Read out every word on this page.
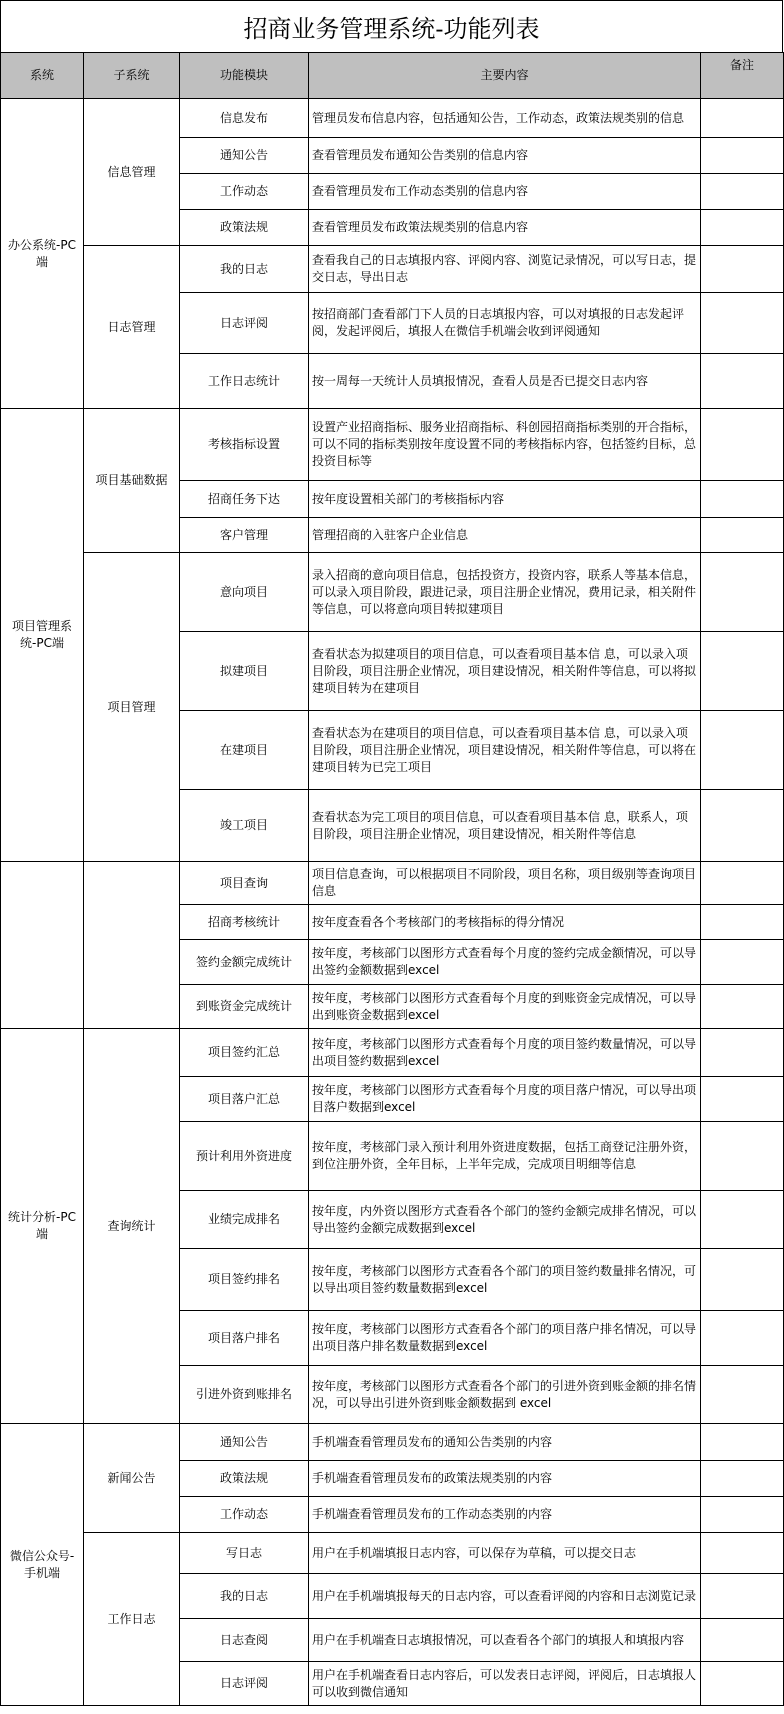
招商业务管理系统-功能列表
系统	子系统	功能模块	主要内容	备注
办公系统-PC端	信息管理	信息发布	管理员发布信息内容，包括通知公告，工作动态，政策法规类别的信息	
		通知公告	查看管理员发布通知公告类别的信息内容	
		工作动态	查看管理员发布工作动态类别的信息内容	
		政策法规	查看管理员发布政策法规类别的信息内容	
	日志管理	我的日志	查看我自己的日志填报内容、评阅内容、浏览记录情况，可以写日志，提交日志，导出日志	
		日志评阅	按招商部门查看部门下人员的日志填报内容，可以对填报的日志发起评阅，发起评阅后，填报人在微信手机端会收到评阅通知	
		工作日志统计	按一周每一天统计人员填报情况，查看人员是否已提交日志内容	
项目管理系统-PC端	项目基础数据	考核指标设置	设置产业招商指标、服务业招商指标、科创园招商指标类别的开合指标，可以不同的指标类别按年度设置不同的考核指标内容，包括签约目标，总投资目标等	
		招商任务下达	按年度设置相关部门的考核指标内容	
		客户管理	管理招商的入驻客户企业信息	
	项目管理	意向项目	录入招商的意向项目信息，包括投资方，投资内容，联系人等基本信息，可以录入项目阶段，跟进记录，项目注册企业情况，费用记录，相关附件等信息，可以将意向项目转拟建项目	
		拟建项目	查看状态为拟建项目的项目信息，可以查看项目基本信 息，可以录入项目阶段，项目注册企业情况，项目建设情况，相关附件等信息，可以将拟建项目转为在建项目	
		在建项目	查看状态为在建项目的项目信息，可以查看项目基本信 息，可以录入项目阶段，项目注册企业情况，项目建设情况，相关附件等信息，可以将在建项目转为已完工项目	
		竣工项目	查看状态为完工项目的项目信息，可以查看项目基本信 息，联系人，项目阶段，项目注册企业情况，项目建设情况，相关附件等信息	
		项目查询	项目信息查询，可以根据项目不同阶段，项目名称，项目级别等查询项目信息	
		招商考核统计	按年度查看各个考核部门的考核指标的得分情况	
		签约金额完成统计	按年度，考核部门以图形方式查看每个月度的签约完成金额情况，可以导出签约金额数据到excel	
		到账资金完成统计	按年度，考核部门以图形方式查看每个月度的到账资金完成情况，可以导出到账资金数据到excel	
统计分析-PC端	查询统计	项目签约汇总	按年度，考核部门以图形方式查看每个月度的项目签约数量情况，可以导出项目签约数据到excel	
		项目落户汇总	按年度，考核部门以图形方式查看每个月度的项目落户情况，可以导出项目落户数据到excel	
		预计利用外资进度	按年度，考核部门录入预计利用外资进度数据，包括工商登记注册外资，到位注册外资，全年目标，上半年完成，完成项目明细等信息	
		业绩完成排名	按年度，内外资以图形方式查看各个部门的签约金额完成排名情况，可以导出签约金额完成数据到excel	
		项目签约排名	按年度，考核部门以图形方式查看各个部门的项目签约数量排名情况，可以导出项目签约数量数据到excel	
		项目落户排名	按年度，考核部门以图形方式查看各个部门的项目落户排名情况，可以导出项目落户排名数量数据到excel	
		引进外资到账排名	按年度，考核部门以图形方式查看各个部门的引进外资到账金额的排名情况，可以导出引进外资到账金额数据到 excel	
微信公众号-手机端	新闻公告	通知公告	手机端查看管理员发布的通知公告类别的内容	
		政策法规	手机端查看管理员发布的政策法规类别的内容	
		工作动态	手机端查看管理员发布的工作动态类别的内容	
	工作日志	写日志	用户在手机端填报日志内容，可以保存为草稿，可以提交日志	
		我的日志	用户在手机端填报每天的日志内容，可以查看评阅的内容和日志浏览记录	
		日志查阅	用户在手机端查日志填报情况，可以查看各个部门的填报人和填报内容	
		日志评阅	用户在手机端查看日志内容后，可以发表日志评阅，评阅后，日志填报人可以收到微信通知	
